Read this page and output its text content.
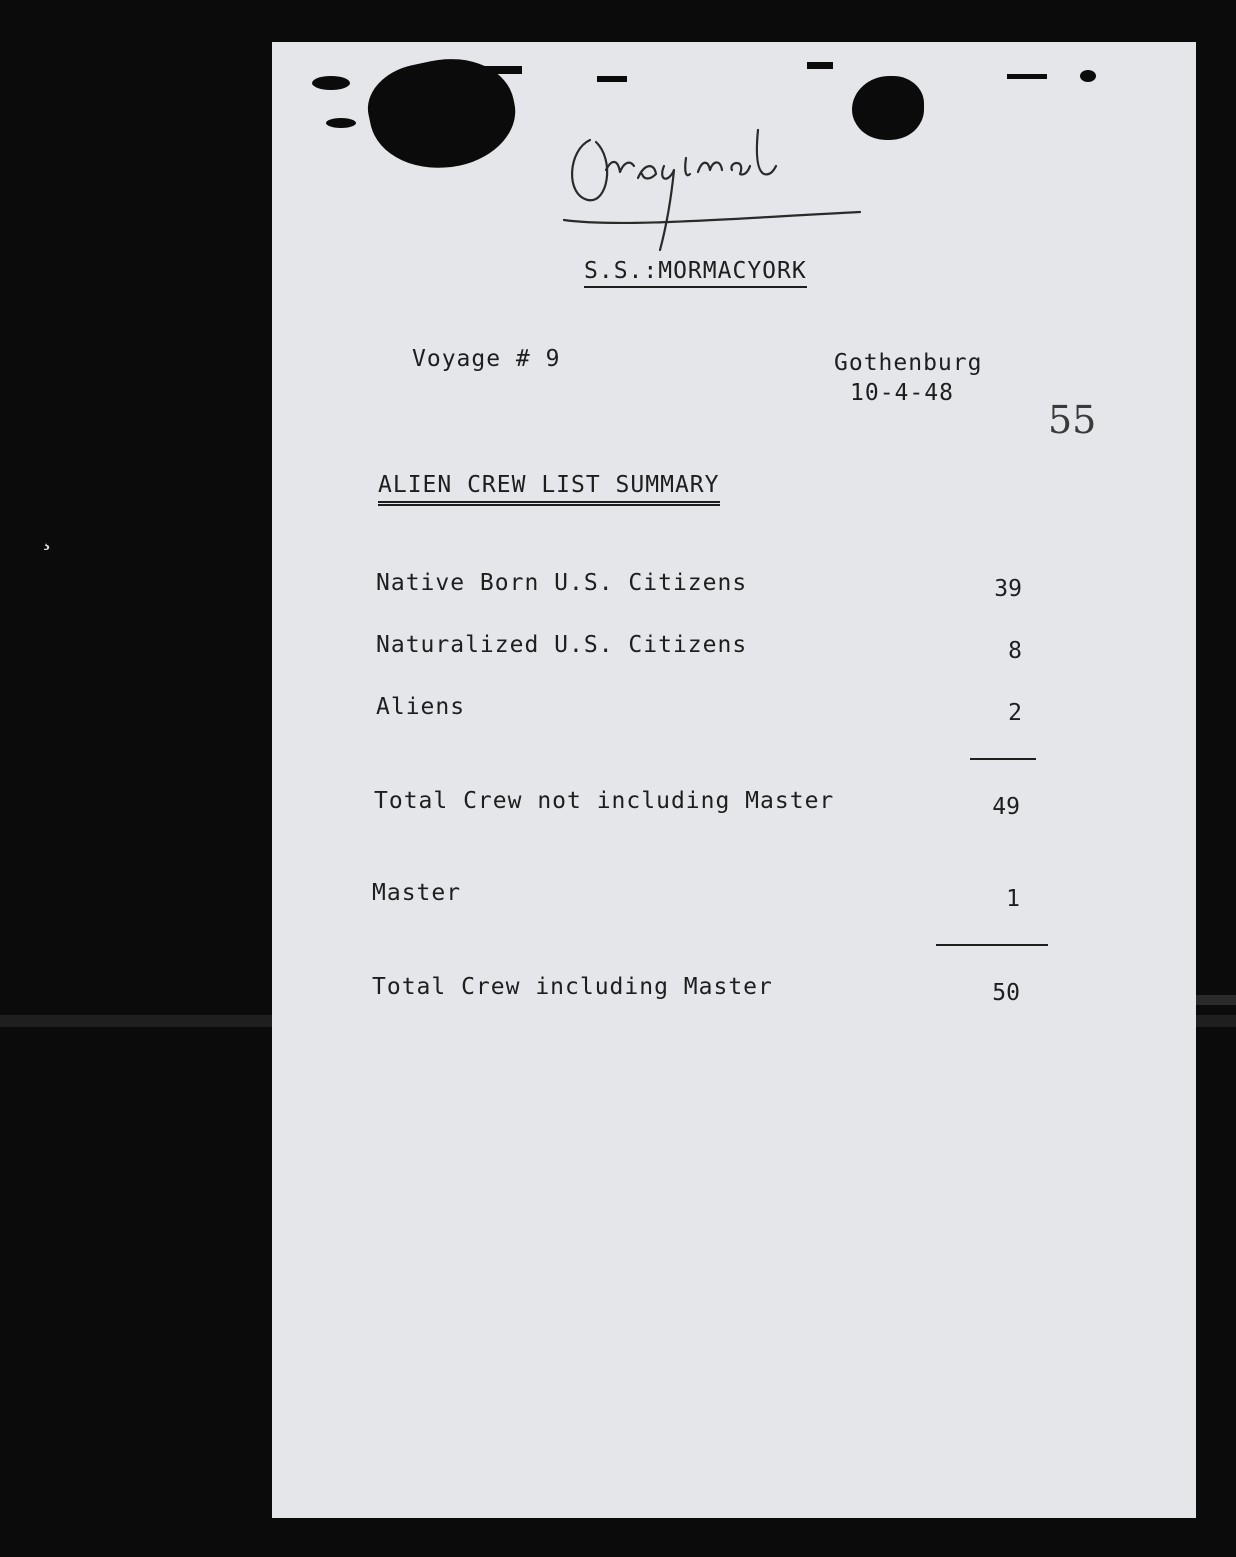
¸
S.S.:MORMACYORK
Voyage # 9	Gothenburg
10-4-48
55
ALIEN CREW LIST SUMMARY
Native Born U.S. Citizens	39
Naturalized U.S. Citizens	8
Aliens	2
Total Crew not including Master	49
Master	1
Total Crew including Master	50
